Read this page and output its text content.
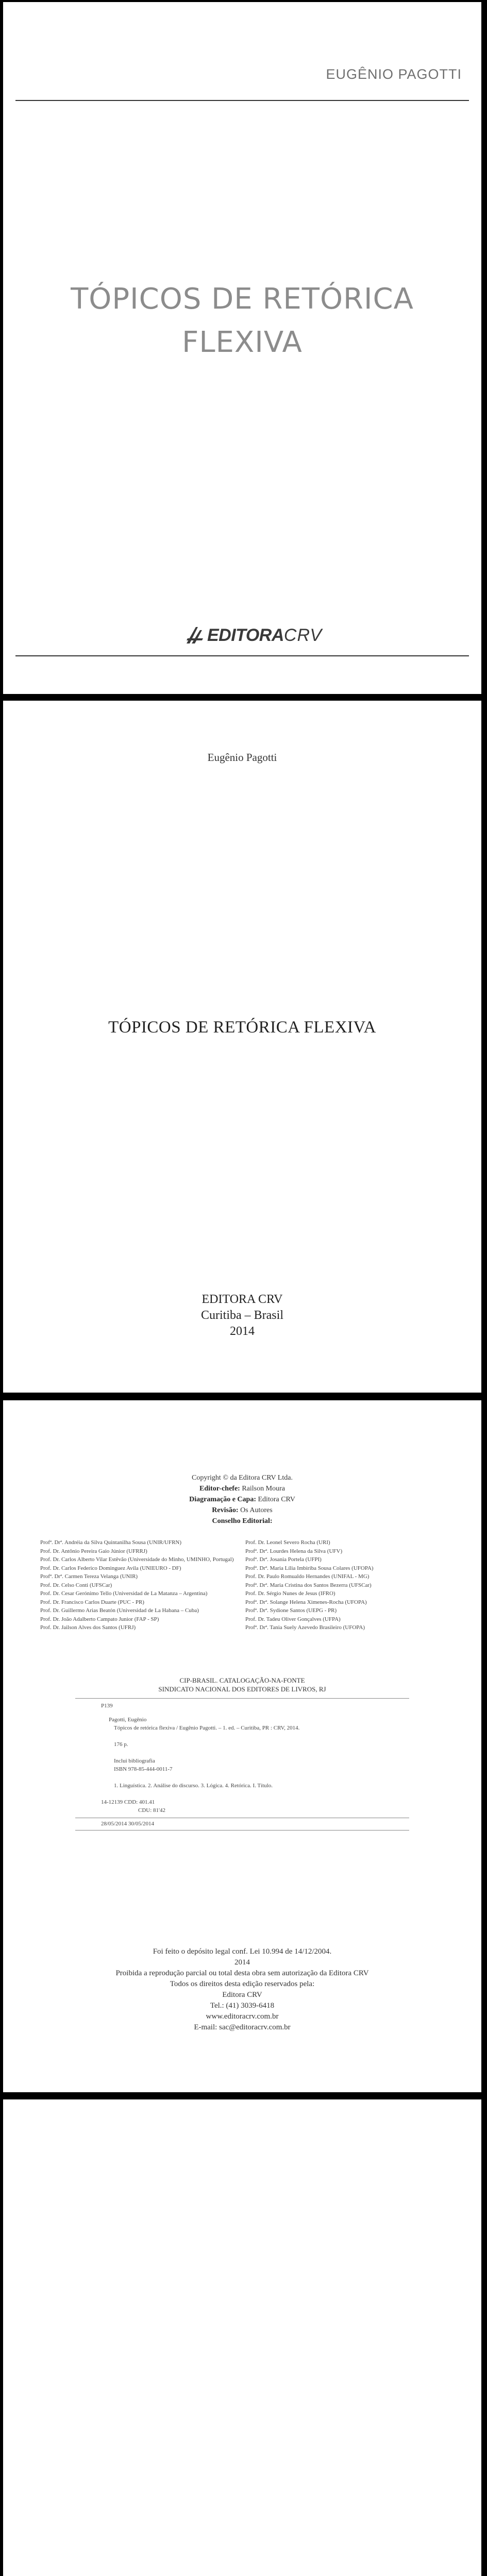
EUGÊNIO PAGOTTI
TÓPICOS DE RETÓRICA
FLEXIVA
EDITORACRV
Eugênio Pagotti
TÓPICOS DE RETÓRICA FLEXIVA
EDITORA CRV
Curitiba – Brasil
2014
Copyright © da Editora CRV Ltda.
Editor-chefe: Railson Moura
Diagramação e Capa: Editora CRV
Revisão: Os Autores
Conselho Editorial:
Profª. Drª. Andréia da Silva Quintanilha Sousa (UNIR/UFRN)
Prof. Dr. Antônio Pereira Gaio Júnior (UFRRJ)
Prof. Dr. Carlos Alberto Vilar Estêvão (Universidade do Minho, UMINHO, Portugal)
Prof. Dr. Carlos Federico Dominguez Avila (UNIEURO - DF)
Profª. Drª. Carmen Tereza Velanga (UNIR)
Prof. Dr. Celso Conti (UFSCar)
Prof. Dr. Cesar Gerónimo Tello (Universidad de La Matanza – Argentina)
Prof. Dr. Francisco Carlos Duarte (PUC - PR)
Prof. Dr. Guillermo Arias Beatón (Universidad de La Habana – Cuba)
Prof. Dr. João Adalberto Campato Junior (FAP - SP)
Prof. Dr. Jailson Alves dos Santos (UFRJ)
Prof. Dr. Leonel Severo Rocha (URI)
Profª. Drª. Lourdes Helena da Silva (UFV)
Profª. Drª. Josania Portela (UFPI)
Profª. Drª. Maria Lília Imbiriba Sousa Colares (UFOPA)
Prof. Dr. Paulo Romualdo Hernandes (UNIFAL - MG)
Profª. Drª. Maria Cristina dos Santos Bezerra (UFSCar)
Prof. Dr. Sérgio Nunes de Jesus (IFRO)
Profª. Drª. Solange Helena Ximenes-Rocha (UFOPA)
Profª. Drª. Sydione Santos (UEPG - PR)
Prof. Dr. Tadeu Oliver Gonçalves (UFPA)
Profª. Drª. Tania Suely Azevedo Brasileiro (UFOPA)
CIP-BRASIL. CATALOGAÇÃO-NA-FONTE
SINDICATO NACIONAL DOS EDITORES DE LIVROS, RJ
P139
Pagotti, Eugênio
Tópicos de retórica flexiva / Eugênio Pagotti. – 1. ed. – Curitiba, PR : CRV, 2014.
176 p.
Inclui bibliografia
ISBN 978-85-444-0011-7
1. Linguística. 2. Análise do discurso. 3. Lógica. 4. Retórica. I. Título.
14-12139 CDD: 401.41
CDU: 81'42
28/05/2014 30/05/2014
Foi feito o depósito legal conf. Lei 10.994 de 14/12/2004.
2014
Proibida a reprodução parcial ou total desta obra sem autorização da Editora CRV
Todos os direitos desta edição reservados pela:
Editora CRV
Tel.: (41) 3039-6418
www.editoracrv.com.br
E-mail: sac@editoracrv.com.br
